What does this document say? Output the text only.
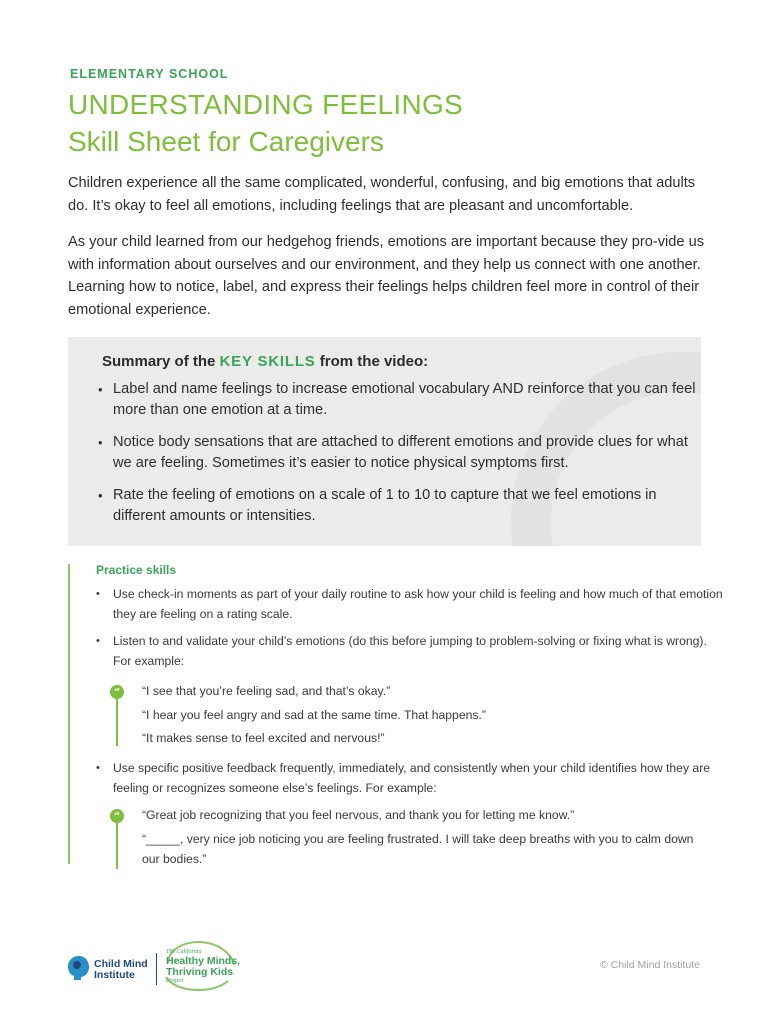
ELEMENTARY SCHOOL
UNDERSTANDING FEELINGS
Skill Sheet for Caregivers
Children experience all the same complicated, wonderful, confusing, and big emotions that adults do. It’s okay to feel all emotions, including feelings that are pleasant and uncomfortable.
As your child learned from our hedgehog friends, emotions are important because they pro-vide us with information about ourselves and our environment, and they help us connect with one another. Learning how to notice, label, and express their feelings helps children feel more in control of their emotional experience.
Summary of the KEY SKILLS from the video:
• Label and name feelings to increase emotional vocabulary AND reinforce that you can feel more than one emotion at a time.
• Notice body sensations that are attached to different emotions and provide clues for what we are feeling. Sometimes it’s easier to notice physical symptoms first.
• Rate the feeling of emotions on a scale of 1 to 10 to capture that we feel emotions in different amounts or intensities.
Practice skills
• Use check-in moments as part of your daily routine to ask how your child is feeling and how much of that emotion they are feeling on a rating scale.
• Listen to and validate your child’s emotions (do this before jumping to problem-solving or fixing what is wrong). For example:
“	“I see that you’re feeling sad, and that’s okay.”
“I hear you feel angry and sad at the same time. That happens.”
“It makes sense to feel excited and nervous!”
• Use specific positive feedback frequently, immediately, and consistently when your child identifies how they are feeling or recognizes someone else’s feelings. For example:
“	“Great job recognizing that you feel nervous, and thank you for letting me know.”
“_____, very nice job noticing you are feeling frustrated. I will take deep breaths with you to calm down our bodies.”
Child Mind
Institute
The California
Healthy Minds,
Thriving Kids
Project
© Child Mind Institute
